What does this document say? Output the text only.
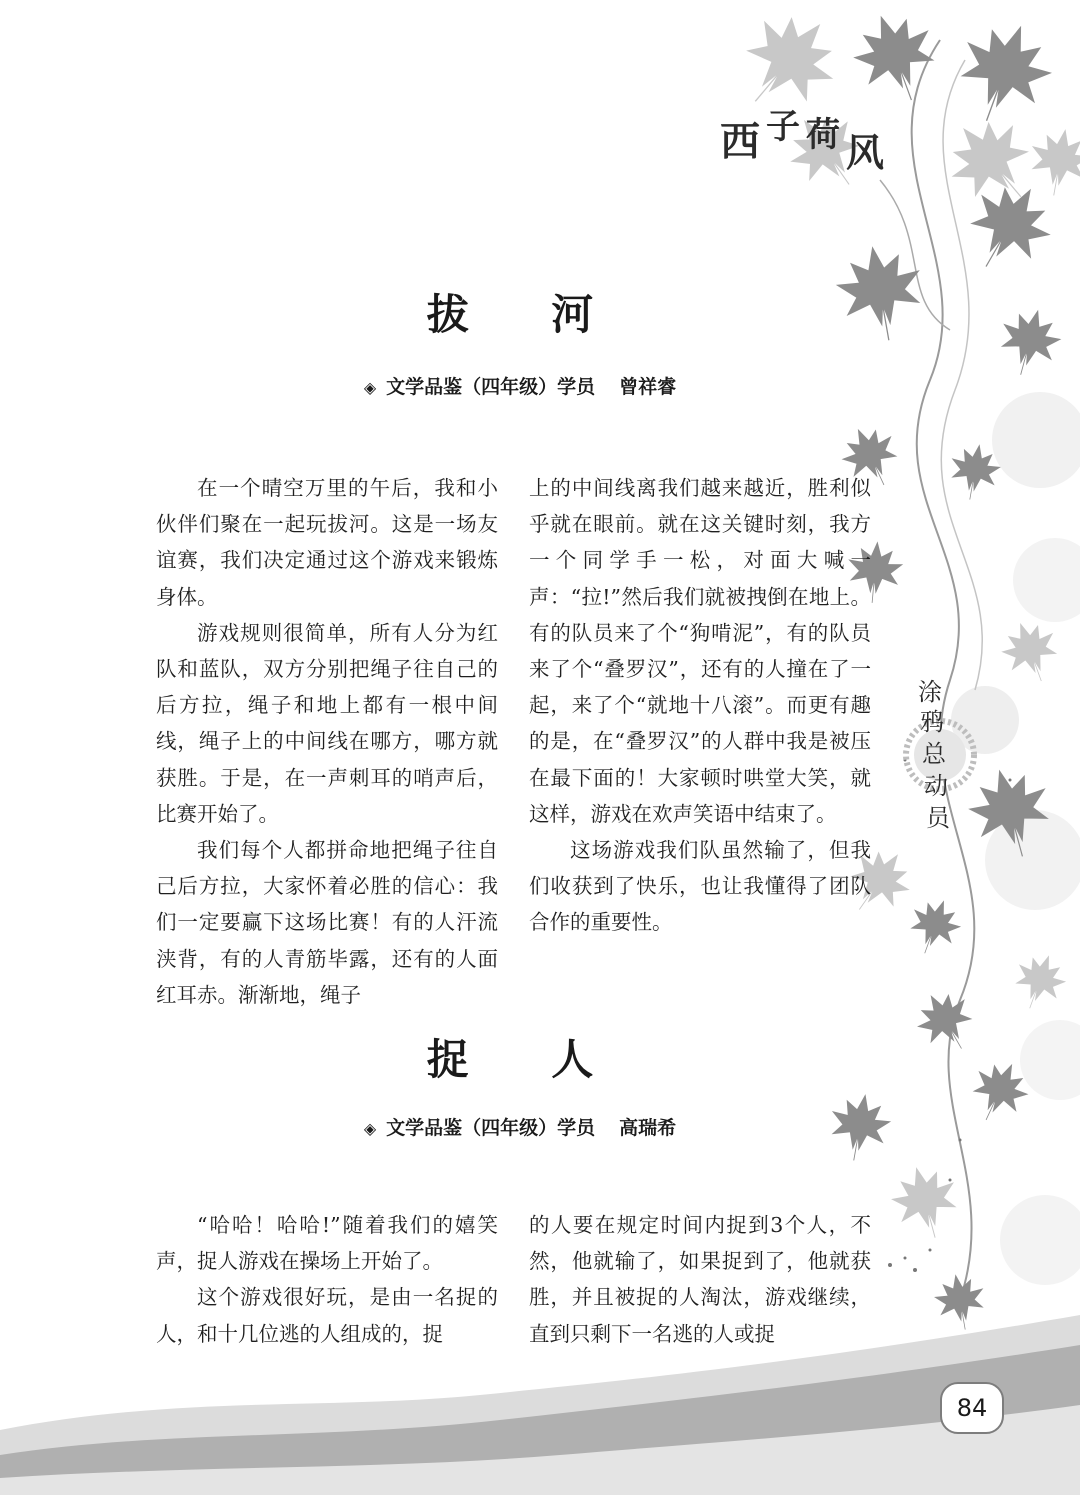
西 子 荷 风
拔 河
◈ 文学品鉴（四年级）学员 曾祥睿

在一个晴空万里的午后，我和小伙伴们聚在一起玩拔河。这是一场友谊赛，我们决定通过这个游戏来锻炼身体。

游戏规则很简单，所有人分为红队和蓝队，双方分别把绳子往自己的后方拉，绳子和地上都有一根中间线，绳子上的中间线在哪方，哪方就获胜。于是，在一声刺耳的哨声后，比赛开始了。

我们每个人都拼命地把绳子往自己后方拉，大家怀着必胜的信心：我们一定要赢下这场比赛！有的人汗流浃背，有的人青筋毕露，还有的人面红耳赤。渐渐地，绳子

上的中间线离我们越来越近，胜利似乎就在眼前。就在这关键时刻，我方一个同学手一松，对面大喊一声：“拉!”然后我们就被拽倒在地上。有的队员来了个“狗啃泥”，有的队员来了个“叠罗汉”，还有的人撞在了一起，来了个“就地十八滚”。而更有趣的是，在“叠罗汉”的人群中我是被压在最下面的！大家顿时哄堂大笑，就这样，游戏在欢声笑语中结束了。

这场游戏我们队虽然输了，但我们收获到了快乐，也让我懂得了团队合作的重要性。

捉 人
◈ 文学品鉴（四年级）学员 高瑞希

“哈哈！哈哈!”随着我们的嬉笑声，捉人游戏在操场上开始了。

这个游戏很好玩，是由一名捉的人，和十几位逃的人组成的，捉

的人要在规定时间内捉到3个人，不然，他就输了，如果捉到了，他就获胜，并且被捉的人淘汰，游戏继续，直到只剩下一名逃的人或捉

涂
鸦
总
动
员
84
